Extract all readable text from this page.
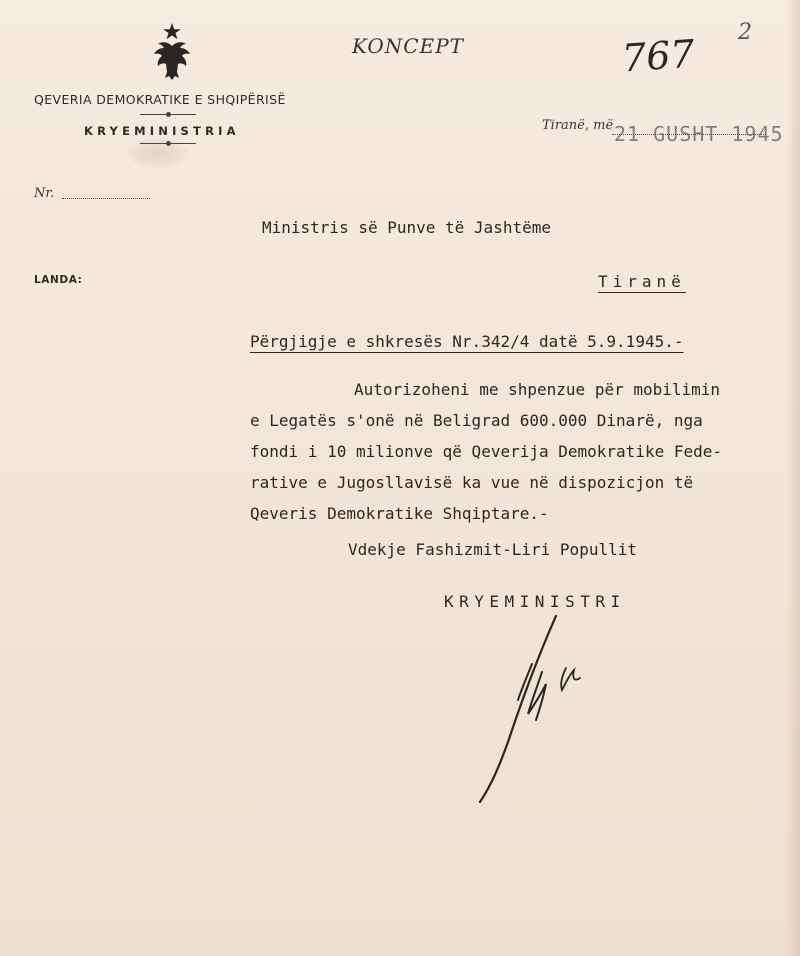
QEVERIA DEMOKRATIKE E SHQIPËRISË
KRYEMINISTRIA
KONCEPT	767 2
Tiranë, më 21 GUSHT 1945
Nr.
LANDA:
Ministris së Punve të Jashtëme
Tiranë
Përgjigje e shkresës Nr.342/4 datë 5.9.1945.-
Autorizoheni me shpenzue për mobilimin
e Legatës s'onë në Beligrad 600.000 Dinarë, nga
fondi i 10 milionve që Qeverija Demokratike Fede-
rative e Jugosllavisë ka vue në dispozicjon të
Qeveris Demokratike Shqiptare.-
Vdekje Fashizmit-Liri Popullit
KRYEMINISTRI
